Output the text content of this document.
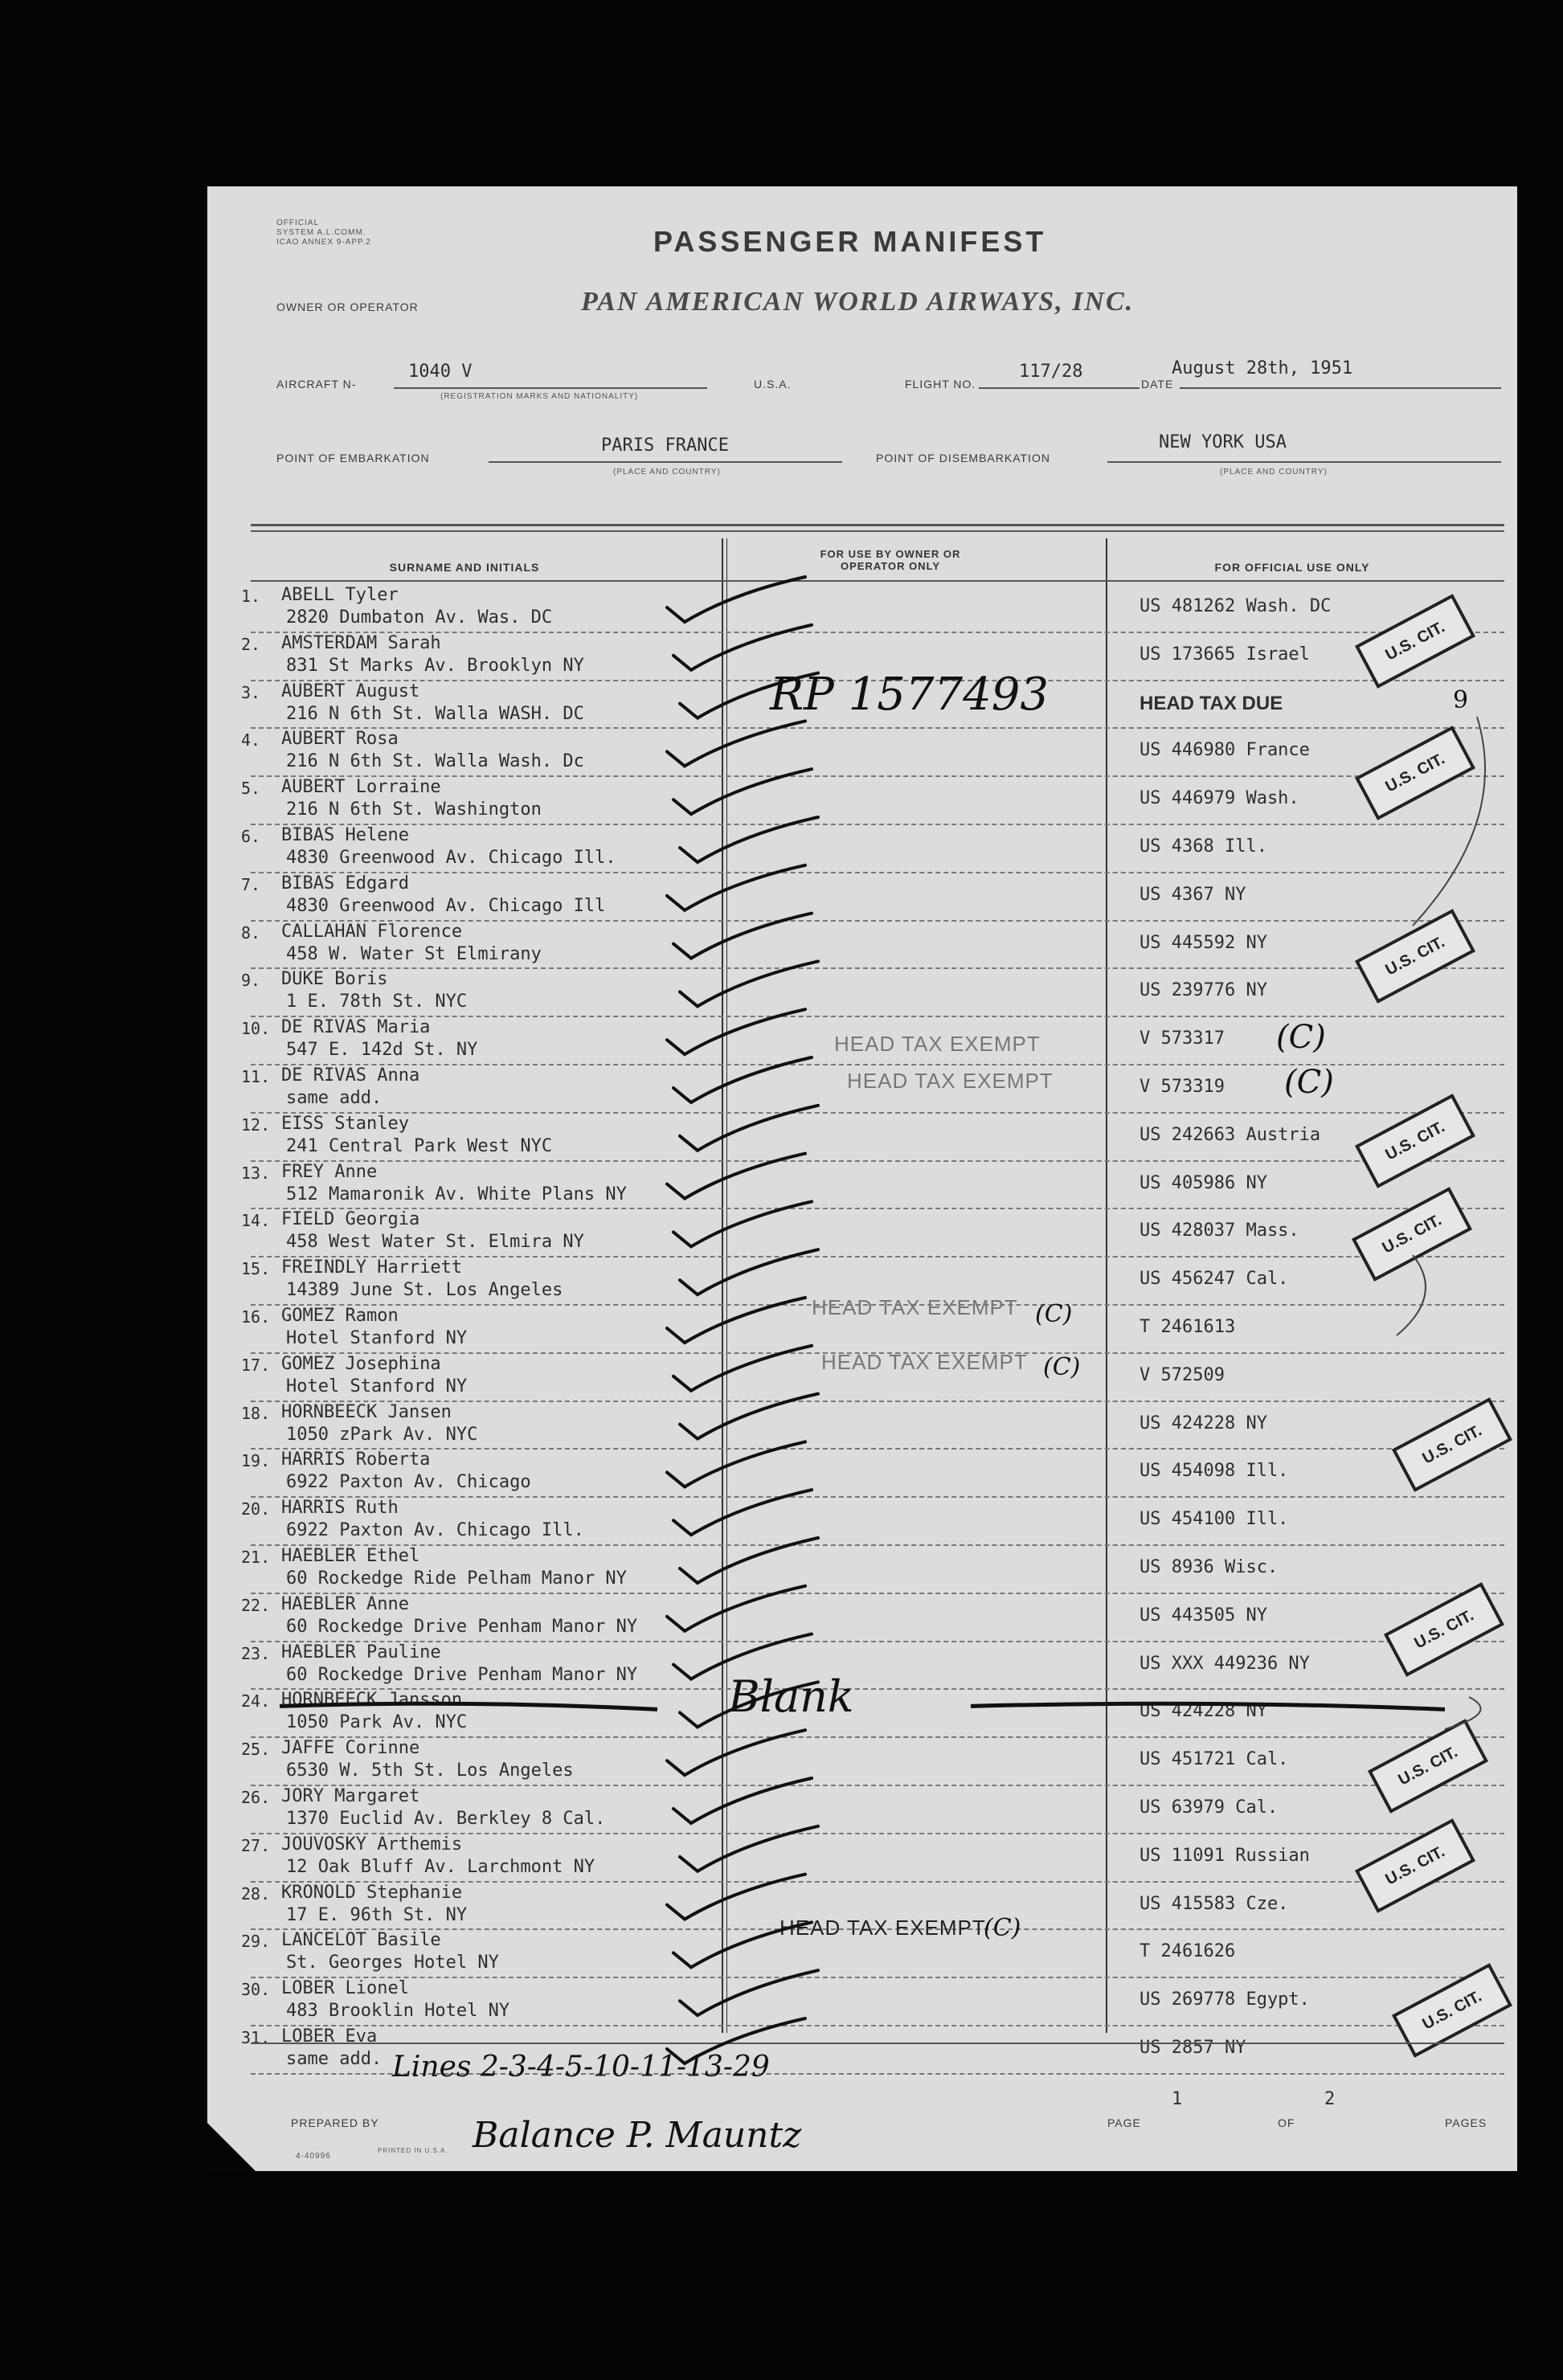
OFFICIAL
SYSTEM A.L.COMM.
ICAO ANNEX 9-APP.2	PASSENGER MANIFEST
OWNER OR OPERATOR	PAN AMERICAN WORLD AIRWAYS, INC.
AIRCRAFT N-
1040 V
(REGISTRATION MARKS AND NATIONALITY)
U.S.A.	FLIGHT NO.
117/28
DATE
August 28th, 1951
POINT OF EMBARKATION
PARIS FRANCE
(PLACE AND COUNTRY)
POINT OF DISEMBARKATION
NEW YORK USA
(PLACE AND COUNTRY)
SURNAME AND INITIALS
FOR USE BY OWNER OR OPERATOR ONLY	FOR OFFICIAL USE ONLY
1. ABELL Tyler
2820 Dumbaton Av. Was. DC
US 481262 Wash. DC
2. AMSTERDAM Sarah
831 St Marks Av. Brooklyn NY
US 173665 Israel
3. AUBERT August
216 N 6th St. Walla WASH. DC	HEAD TAX DUE
4. AUBERT Rosa
216 N 6th St. Walla Wash. Dc
US 446980 France
5. AUBERT Lorraine
216 N 6th St. Washington
US 446979 Wash.
6. BIBAS Helene
4830 Greenwood Av. Chicago Ill.
US 4368 Ill.
7. BIBAS Edgard
4830 Greenwood Av. Chicago Ill
US 4367 NY
8. CALLAHAN Florence
458 W. Water St Elmirany
US 445592 NY
9. DUKE Boris
1 E. 78th St. NYC
US 239776 NY
10. DE RIVAS Maria
547 E. 142d St. NY
V 573317
11. DE RIVAS Anna
same add.
V 573319
12. EISS Stanley
241 Central Park West NYC
US 242663 Austria
13. FREY Anne
512 Mamaronik Av. White Plans NY
US 405986 NY
14. FIELD Georgia
458 West Water St. Elmira NY
US 428037 Mass.
15. FREINDLY Harriett
14389 June St. Los Angeles
US 456247 Cal.
16. GOMEZ Ramon
Hotel Stanford NY
T 2461613
17. GOMEZ Josephina
Hotel Stanford NY
V 572509
18. HORNBEECK Jansen
1050 zPark Av. NYC
US 424228 NY
19. HARRIS Roberta
6922 Paxton Av. Chicago
US 454098 Ill.
20. HARRIS Ruth
6922 Paxton Av. Chicago Ill.
US 454100 Ill.
21. HAEBLER Ethel
60 Rockedge Ride Pelham Manor NY
US 8936 Wisc.
22. HAEBLER Anne
60 Rockedge Drive Penham Manor NY
US 443505 NY
23. HAEBLER Pauline
60 Rockedge Drive Penham Manor NY
US XXX 449236 NY
24. HORNBEECK Jansson
1050 Park Av. NYC
US 424228 NY
25. JAFFE Corinne
6530 W. 5th St. Los Angeles
US 451721 Cal.
26. JORY Margaret
1370 Euclid Av. Berkley 8 Cal.
US 63979 Cal.
27. JOUVOSKY Arthemis
12 Oak Bluff Av. Larchmont NY
US 11091 Russian
28. KRONOLD Stephanie
17 E. 96th St. NY
US 415583 Cze.
29. LANCELOT Basile
St. Georges Hotel NY
T 2461626
30. LOBER Lionel
483 Brooklin Hotel NY
US 269778 Egypt.
31. LOBER Eva
same add.
US 2857 NY
HEAD TAX EXEMPT
HEAD TAX EXEMPT
HEAD TAX EXEMPT
HEAD TAX EXEMPT
HEAD TAX EXEMPT
U.S. CIT.
U.S. CIT.
U.S. CIT.
U.S. CIT.
U.S. CIT.
U.S. CIT.
U.S. CIT.
U.S. CIT.
U.S. CIT.
U.S. CIT.
RP 1577493	9
(C)
(C)
(C)
(C)
(C)
Blank
Lines 2-3-4-5-10-11-13-29
Balance P. Mauntz
PREPARED BY	PAGE
1
OF
2
PAGES
4-40996
PRINTED IN U.S.A.
